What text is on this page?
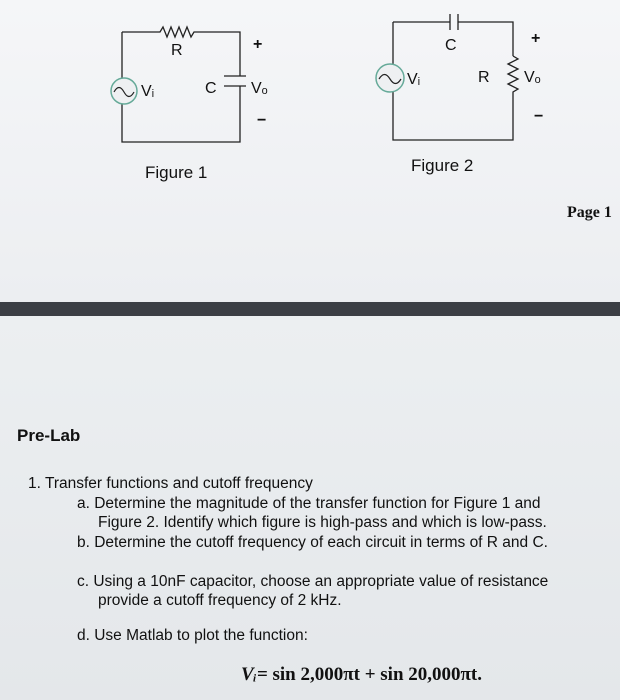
R	+
Vᵢ	C Vₒ
−
Figure 1
C	+
Vᵢ	R Vₒ
−
Figure 2
Page 1
Pre-Lab
1. Transfer functions and cutoff frequency
a. Determine the magnitude of the transfer function for Figure 1 and
Figure 2. Identify which figure is high-pass and which is low-pass.
b. Determine the cutoff frequency of each circuit in terms of R and C.
c. Using a 10nF capacitor, choose an appropriate value of resistance
provide a cutoff frequency of 2 kHz.
d. Use Matlab to plot the function:
Vᵢ= sin 2,000πt + sin 20,000πt.
